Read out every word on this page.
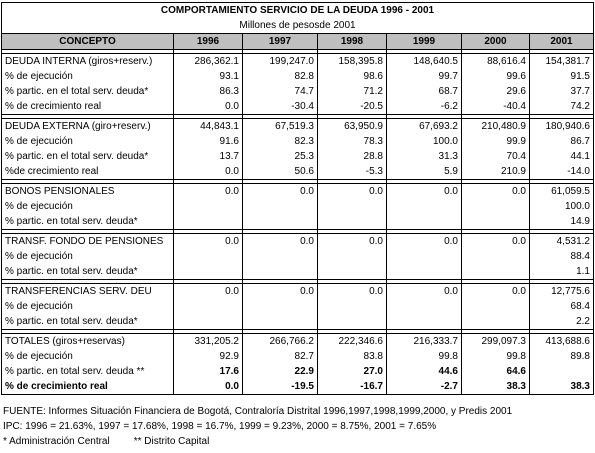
COMPORTAMIENTO SERVICIO DE LA DEUDA 1996 - 2001						
Millones de pesosde 2001						
CONCEPTO	1996	1997	1998	1999	2000	2001

DEUDA INTERNA (giros+reserv.)	286,362.1	199,247.0	158,395.8	148,640.5	88,616.4	154,381.7
% de ejecución	93.1	82.8	98.6	99.7	99.6	91.5
% partic. en el total serv. deuda*	86.3	74.7	71.2	68.7	29.6	37.7
% de crecimiento real	0.0	-30.4	-20.5	-6.2	-40.4	74.2

DEUDA EXTERNA (giro+reserv.)	44,843.1	67,519.3	63,950.9	67,693.2	210,480.9	180,940.6
% de ejecución	91.6	82.3	78.3	100.0	99.9	86.7
% partic. en el total serv. deuda*	13.7	25.3	28.8	31.3	70.4	44.1
%de crecimiento real	0.0	50.6	-5.3	5.9	210.9	-14.0

BONOS PENSIONALES	0.0	0.0	0.0	0.0	0.0	61,059.5
% de ejecución						100.0
% partic. en total serv. deuda*						14.9

TRANSF. FONDO DE PENSIONES	0.0	0.0	0.0	0.0	0.0	4,531.2
% de ejecución						88.4
% partic. en total serv. deuda*						1.1

TRANSFERENCIAS SERV. DEU	0.0	0.0	0.0	0.0	0.0	12,775.6
% de ejecución						68.4
% partic. en total serv. deuda*						2.2

TOTALES (giros+reservas)	331,205.2	266,766.2	222,346.6	216,333.7	299,097.3	413,688.6
% de ejecución	92.9	82.7	83.8	99.8	99.8	89.8
% partic. en total serv. deuda **	17.6	22.9	27.0	44.6	64.6	
% de crecimiento real	0.0	-19.5	-16.7	-2.7	38.3	38.3
FUENTE: Informes Situación Financiera de Bogotá, Contraloría Distrital 1996,1997,1998,1999,2000, y Predis 2001
IPC: 1996 = 21.63%, 1997 = 17.68%, 1998 = 16.7%, 1999 = 9.23%, 2000 = 8.75%, 2001 = 7.65%
* Administración Central ** Distrito Capital
